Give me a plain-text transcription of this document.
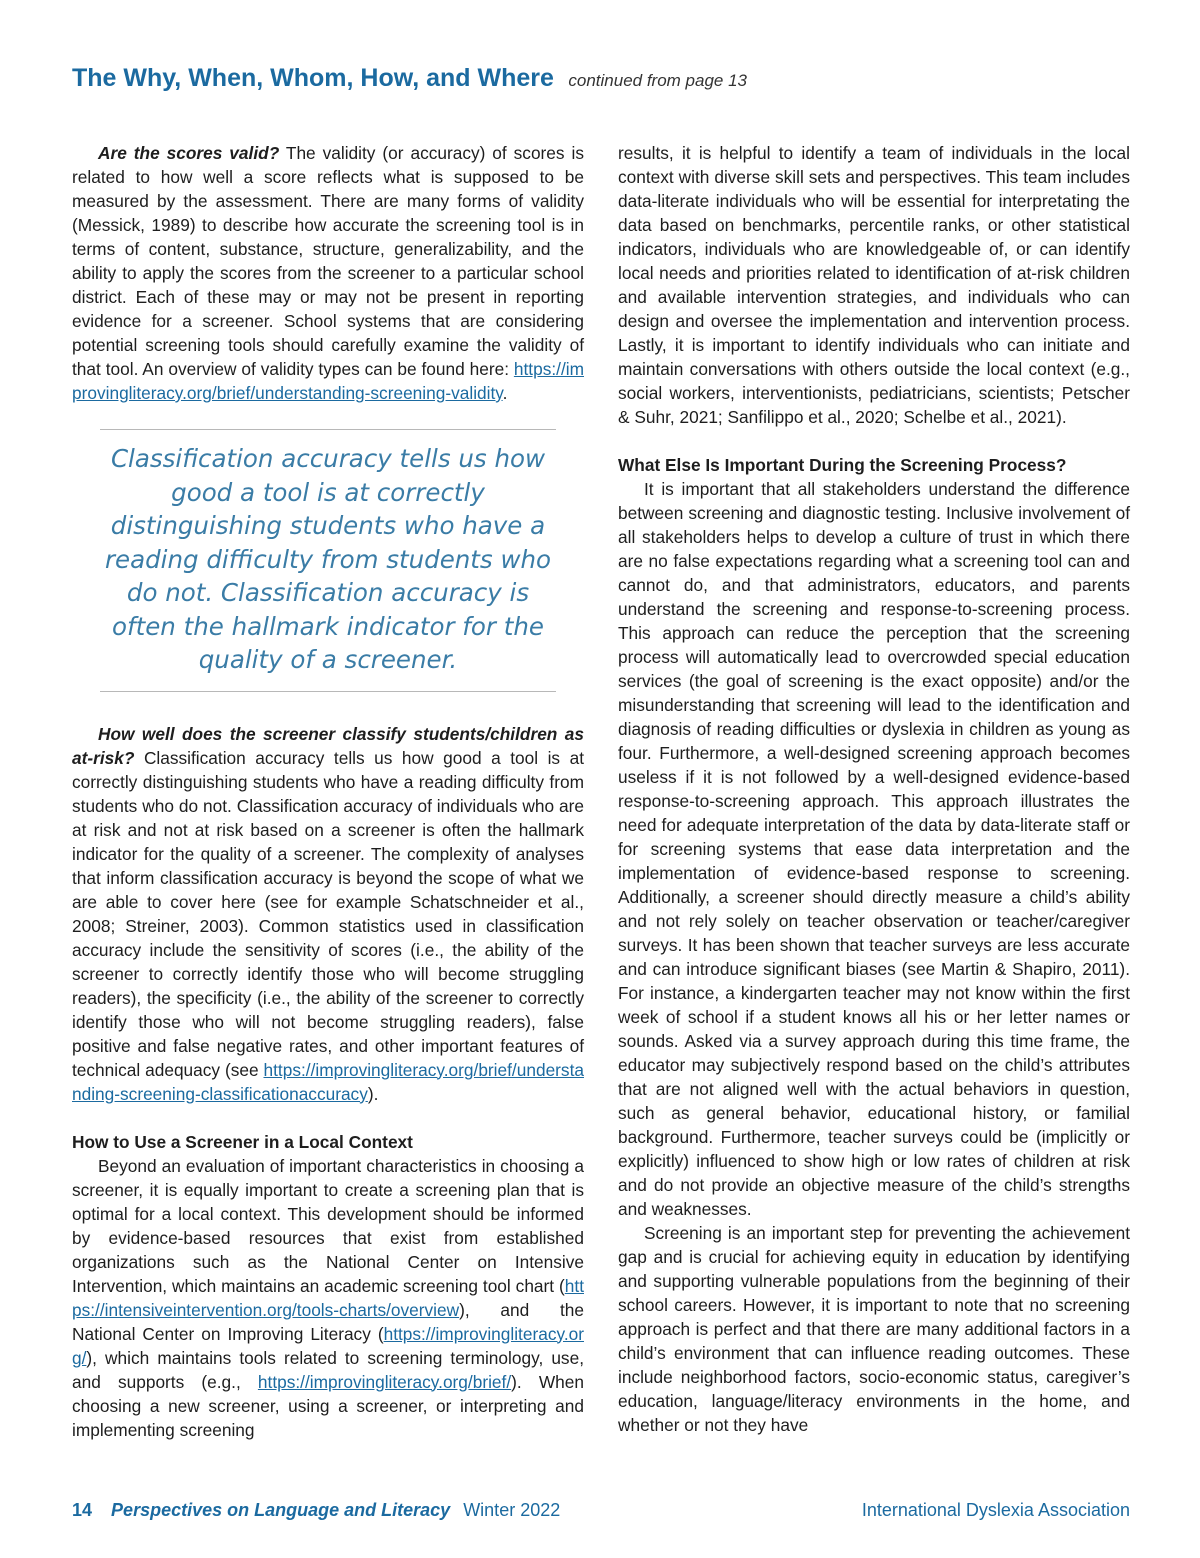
The Why, When, Whom, How, and Where continued from page 13

Are the scores valid? The validity (or accuracy) of scores is related to how well a score reflects what is supposed to be measured by the assessment. There are many forms of validity (Messick, 1989) to describe how accurate the screening tool is in terms of content, substance, structure, generalizability, and the ability to apply the scores from the screener to a particular school district. Each of these may or may not be present in reporting evidence for a screener. School systems that are considering potential screening tools should carefully examine the validity of that tool. An overview of validity types can be found here: https://improvingliteracy.org/brief/understanding-screening-validity.

Classification accuracy tells us how good a tool is at correctly distinguishing students who have a reading difficulty from students who do not. Classification accuracy is often the hallmark indicator for the quality of a screener.

How well does the screener classify students/children as at-risk? Classification accuracy tells us how good a tool is at correctly distinguishing students who have a reading difficulty from students who do not. Classification accuracy of individuals who are at risk and not at risk based on a screener is often the hallmark indicator for the quality of a screener. The complexity of analyses that inform classification accuracy is beyond the scope of what we are able to cover here (see for example Schatschneider et al., 2008; Streiner, 2003). Common statistics used in classification accuracy include the sensitivity of scores (i.e., the ability of the screener to correctly identify those who will become struggling readers), the specificity (i.e., the ability of the screener to correctly identify those who will not become struggling readers), false positive and false negative rates, and other important features of technical adequacy (see https://improvingliteracy.org/brief/understanding-screening-classificationaccuracy).

How to Use a Screener in a Local Context

Beyond an evaluation of important characteristics in choosing a screener, it is equally important to create a screening plan that is optimal for a local context. This development should be informed by evidence-based resources that exist from established organizations such as the National Center on Intensive Intervention, which maintains an academic screening tool chart (https://intensiveintervention.org/tools-charts/overview), and the National Center on Improving Literacy (https://improvingliteracy.org/), which maintains tools related to screening terminology, use, and supports (e.g., https://improvingliteracy.org/brief/). When choosing a new screener, using a screener, or interpreting and implementing screening

results, it is helpful to identify a team of individuals in the local context with diverse skill sets and perspectives. This team includes data-literate individuals who will be essential for interpretating the data based on benchmarks, percentile ranks, or other statistical indicators, individuals who are knowledgeable of, or can identify local needs and priorities related to identification of at-risk children and available intervention strategies, and individuals who can design and oversee the implementation and intervention process. Lastly, it is important to identify individuals who can initiate and maintain conversations with others outside the local context (e.g., social workers, interventionists, pediatricians, scientists; Petscher & Suhr, 2021; Sanfilippo et al., 2020; Schelbe et al., 2021).

What Else Is Important During the Screening Process?

It is important that all stakeholders understand the difference between screening and diagnostic testing. Inclusive involvement of all stakeholders helps to develop a culture of trust in which there are no false expectations regarding what a screening tool can and cannot do, and that administrators, educators, and parents understand the screening and response-to-screening process. This approach can reduce the perception that the screening process will automatically lead to overcrowded special education services (the goal of screening is the exact opposite) and/or the misunderstanding that screening will lead to the identification and diagnosis of reading difficulties or dyslexia in children as young as four. Furthermore, a well-designed screening approach becomes useless if it is not followed by a well-designed evidence-based response-to-screening approach. This approach illustrates the need for adequate interpretation of the data by data-literate staff or for screening systems that ease data interpretation and the implementation of evidence-based response to screening. Additionally, a screener should directly measure a child’s ability and not rely solely on teacher observation or teacher/caregiver surveys. It has been shown that teacher surveys are less accurate and can introduce significant biases (see Martin & Shapiro, 2011). For instance, a kindergarten teacher may not know within the first week of school if a student knows all his or her letter names or sounds. Asked via a survey approach during this time frame, the educator may subjectively respond based on the child’s attributes that are not aligned well with the actual behaviors in question, such as general behavior, educational history, or familial background. Furthermore, teacher surveys could be (implicitly or explicitly) influenced to show high or low rates of children at risk and do not provide an objective measure of the child’s strengths and weaknesses.

Screening is an important step for preventing the achievement gap and is crucial for achieving equity in education by identifying and supporting vulnerable populations from the beginning of their school careers. However, it is important to note that no screening approach is perfect and that there are many additional factors in a child’s environment that can influence reading outcomes. These include neighborhood factors, socio-economic status, caregiver’s education, language/literacy environments in the home, and whether or not they have

14 Perspectives on Language and Literacy Winter 2022	International Dyslexia Association
